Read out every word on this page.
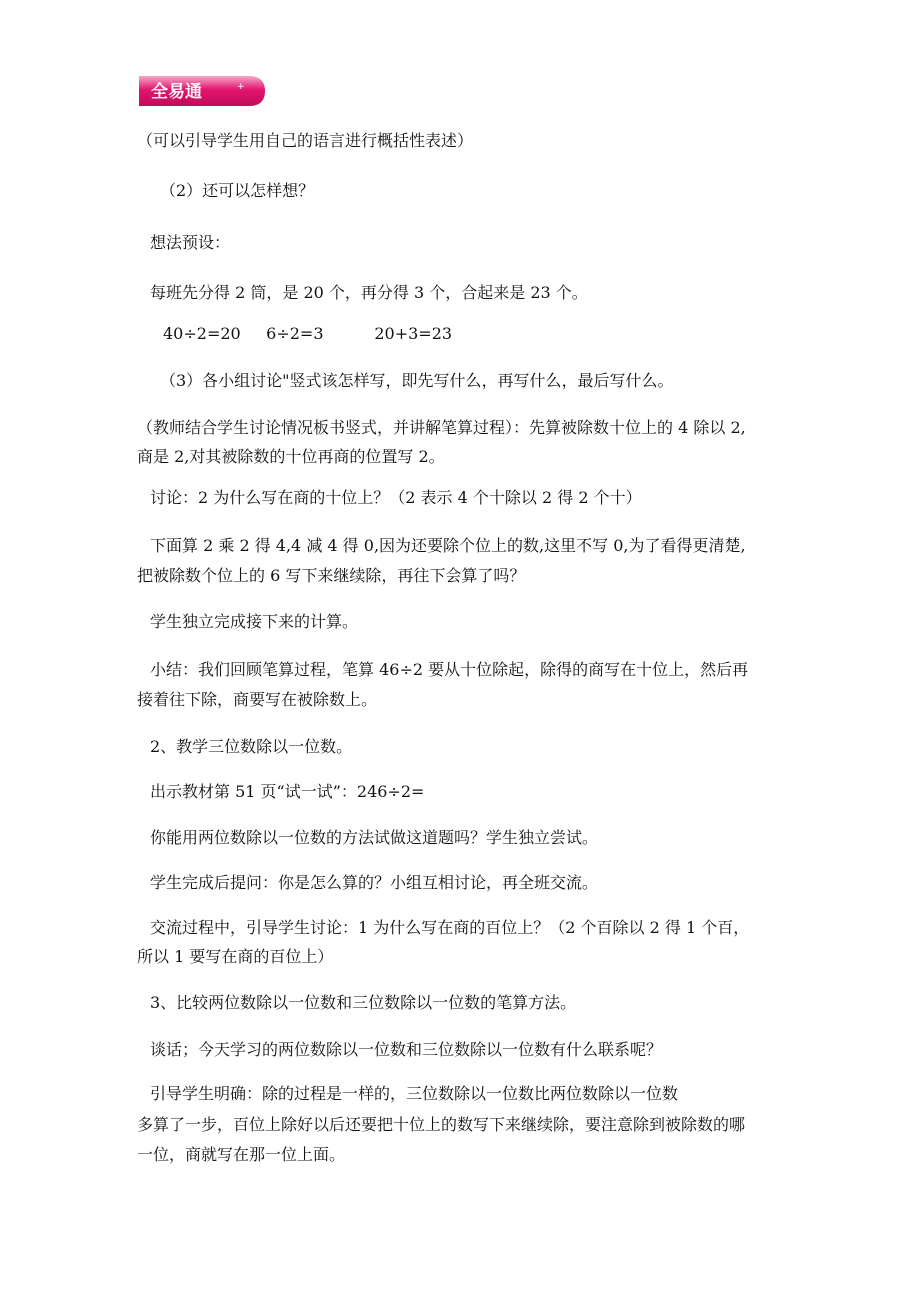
全易通	+
（可以引导学生用自己的语言进行概括性表述）
（2）还可以怎样想？
想法预设：
每班先分得 2 筒，是 20 个，再分得 3 个，合起来是 23 个。
40÷2=20     6÷2=3          20+3=23
（3）各小组讨论"竖式该怎样写，即先写什么，再写什么，最后写什么。
（教师结合学生讨论情况板书竖式，并讲解笔算过程）：先算被除数十位上的 4 除以 2,
商是 2,对其被除数的十位再商的位置写 2。
讨论：2 为什么写在商的十位上？（2 表示 4 个十除以 2 得 2 个十）
下面算 2 乘 2 得 4,4 减 4 得 0,因为还要除个位上的数,这里不写 0,为了看得更清楚,
把被除数个位上的 6 写下来继续除，再往下会算了吗？
学生独立完成接下来的计算。
小结：我们回顾笔算过程，笔算 46÷2 要从十位除起，除得的商写在十位上，然后再
接着往下除，商要写在被除数上。
2、教学三位数除以一位数。
出示教材第 51 页“试一试”：246÷2=
你能用两位数除以一位数的方法试做这道题吗？学生独立尝试。
学生完成后提问：你是怎么算的？小组互相讨论，再全班交流。
交流过程中，引导学生讨论：1 为什么写在商的百位上？（2 个百除以 2 得 1 个百，
所以 1 要写在商的百位上）
3、比较两位数除以一位数和三位数除以一位数的笔算方法。
谈话；今天学习的两位数除以一位数和三位数除以一位数有什么联系呢？
引导学生明确：除的过程是一样的，三位数除以一位数比两位数除以一位数
多算了一步，百位上除好以后还要把十位上的数写下来继续除，要注意除到被除数的哪
一位，商就写在那一位上面。
